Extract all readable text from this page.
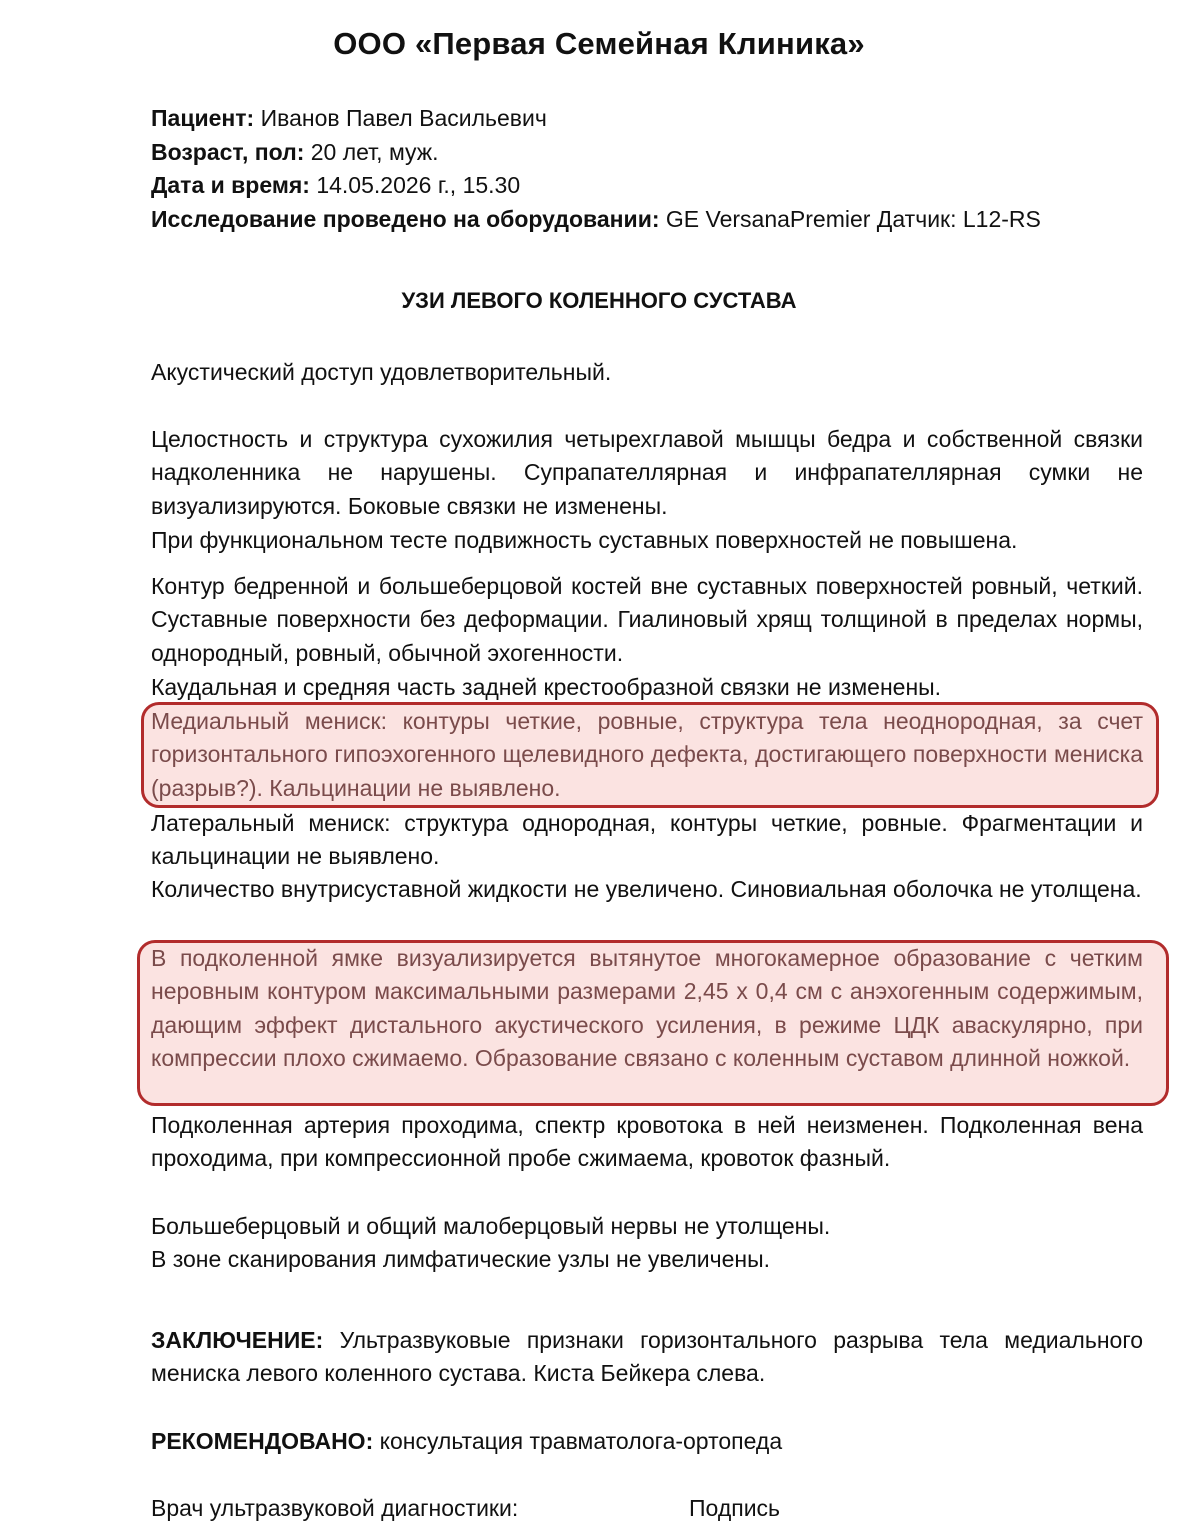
ООО «Первая Семейная Клиника»
Пациент: Иванов Павел Васильевич
Возраст, пол: 20 лет, муж.
Дата и время: 14.05.2026 г., 15.30
Исследование проведено на оборудовании: GE VersanaPremier Датчик: L12-RS
УЗИ ЛЕВОГО КОЛЕННОГО СУСТАВА
Акустический доступ удовлетворительный.
Целостность и структура сухожилия четырехглавой мышцы бедра и собственной связки надколенника не нарушены. Супрапателлярная и инфрапателлярная сумки не визуализируются. Боковые связки не изменены.
При функциональном тесте подвижность суставных поверхностей не повышена.
Контур бедренной и большеберцовой костей вне суставных поверхностей ровный, четкий. Суставные поверхности без деформации. Гиалиновый хрящ толщиной в пределах нормы, однородный, ровный, обычной эхогенности.
Каудальная и средняя часть задней крестообразной связки не изменены.
Медиальный мениск: контуры четкие, ровные, структура тела неоднородная, за счет горизонтального гипоэхогенного щелевидного дефекта, достигающего поверхности мениска (разрыв?). Кальцинации не выявлено.
Латеральный мениск: структура однородная, контуры четкие, ровные. Фрагментации и кальцинации не выявлено.
Количество внутрисуставной жидкости не увеличено. Синовиальная оболочка не утолщена.
В подколенной ямке визуализируется вытянутое многокамерное образование с четким неровным контуром максимальными размерами 2,45 x 0,4 см с анэхогенным содержимым, дающим эффект дистального акустического усиления, в режиме ЦДК аваскулярно, при компрессии плохо сжимаемо. Образование связано с коленным суставом длинной ножкой.
Подколенная артерия проходима, спектр кровотока в ней неизменен. Подколенная вена проходима, при компрессионной пробе сжимаема, кровоток фазный.
Большеберцовый и общий малоберцовый нервы не утолщены.
В зоне сканирования лимфатические узлы не увеличены.
ЗАКЛЮЧЕНИЕ: Ультразвуковые признаки горизонтального разрыва тела медиального мениска левого коленного сустава. Киста Бейкера слева.
РЕКОМЕНДОВАНО: консультация травматолога-ортопеда
Врач ультразвуковой диагностики:	Подпись
